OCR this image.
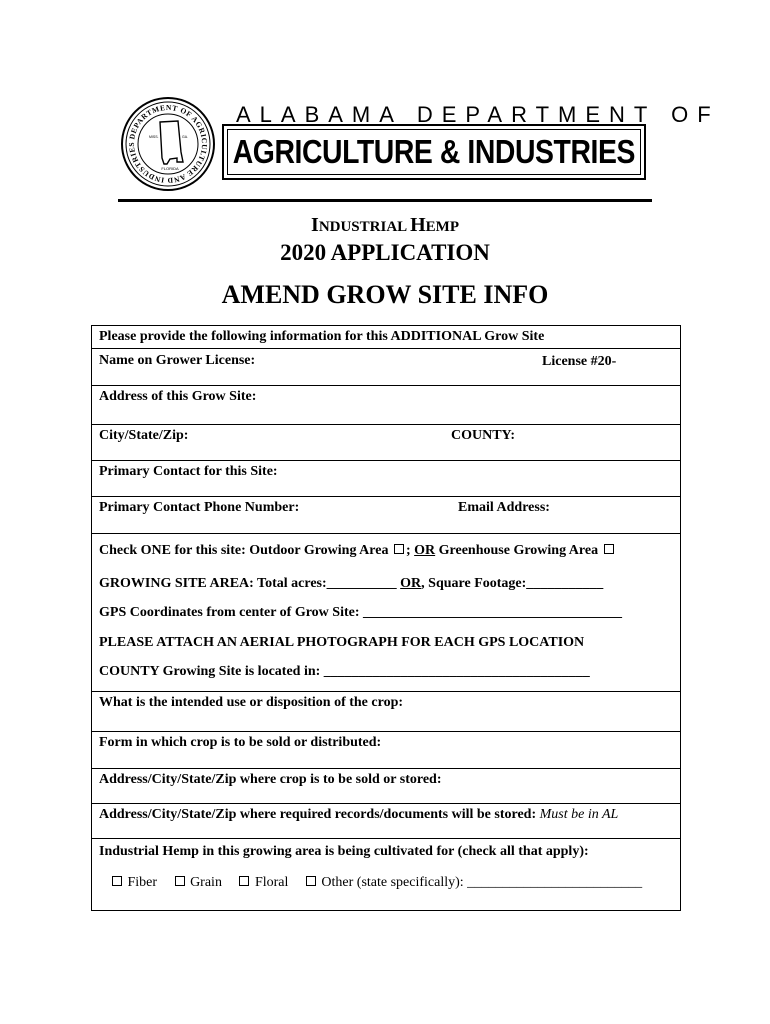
DEPARTMENT OF AGRICULTURE AND INDUSTRIES
FLORIDA
MISS.	GA.
ALABAMA DEPARTMENT OF
AGRICULTURE & INDUSTRIES
INDUSTRIAL HEMP
2020 APPLICATION
AMEND GROW SITE INFO
Please provide the following information for this ADDITIONAL Grow Site
Name on Grower License:	License #20-
Address of this Grow Site:
City/State/Zip:	COUNTY:
Primary Contact for this Site:
Primary Contact Phone Number:	Email Address:
Check ONE for this site: Outdoor Growing Area ; OR Greenhouse Growing Area
GROWING SITE AREA: Total acres:__________ OR, Square Footage:___________
GPS Coordinates from center of Grow Site: _____________________________________
PLEASE ATTACH AN AERIAL PHOTOGRAPH FOR EACH GPS LOCATION
COUNTY Growing Site is located in: ______________________________________
What is the intended use or disposition of the crop:
Form in which crop is to be sold or distributed:
Address/City/State/Zip where crop is to be sold or stored:
Address/City/State/Zip where required records/documents will be stored: Must be in AL
Industrial Hemp in this growing area is being cultivated for (check all that apply):
Fiber Grain Floral Other (state specifically): _________________________
